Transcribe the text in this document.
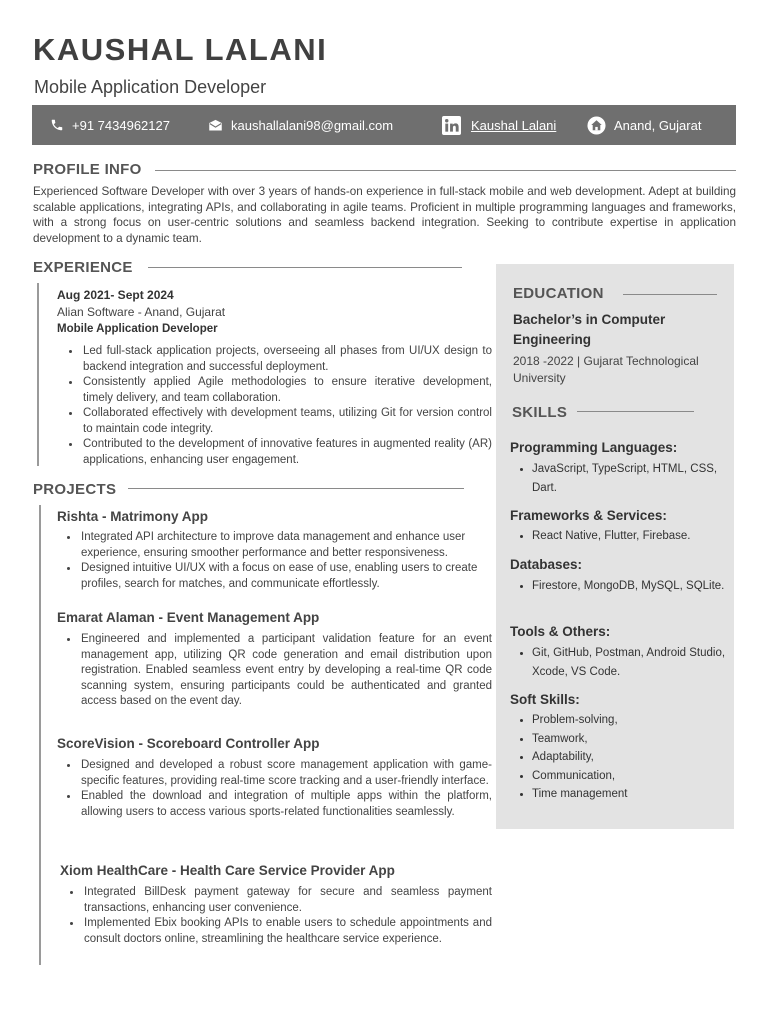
KAUSHAL LALANI
Mobile Application Developer
+91 7434962127	kaushallalani98@gmail.com	Kaushal Lalani	Anand, Gujarat
PROFILE INFO
Experienced Software Developer with over 3 years of hands-on experience in full-stack mobile and web development. Adept at building scalable applications, integrating APIs, and collaborating in agile teams. Proficient in multiple programming languages and frameworks, with a strong focus on user-centric solutions and seamless backend integration. Seeking to contribute expertise in application development to a dynamic team.
EXPERIENCE
Aug 2021- Sept 2024
Alian Software - Anand, Gujarat
Mobile Application Developer
• Led full-stack application projects, overseeing all phases from UI/UX design to backend integration and successful deployment.
• Consistently applied Agile methodologies to ensure iterative development, timely delivery, and team collaboration.
• Collaborated effectively with development teams, utilizing Git for version control to maintain code integrity.
• Contributed to the development of innovative features in augmented reality (AR) applications, enhancing user engagement.
PROJECTS
Rishta - Matrimony App
• Integrated API architecture to improve data management and enhance user experience, ensuring smoother performance and better responsiveness.
• Designed intuitive UI/UX with a focus on ease of use, enabling users to create profiles, search for matches, and communicate effortlessly.
Emarat Alaman - Event Management App
• Engineered and implemented a participant validation feature for an event management app, utilizing QR code generation and email distribution upon registration. Enabled seamless event entry by developing a real-time QR code scanning system, ensuring participants could be authenticated and granted access based on the event day.
ScoreVision - Scoreboard Controller App
• Designed and developed a robust score management application with game-specific features, providing real-time score tracking and a user-friendly interface.
• Enabled the download and integration of multiple apps within the platform, allowing users to access various sports-related functionalities seamlessly.
Xiom HealthCare - Health Care Service Provider App
• Integrated BillDesk payment gateway for secure and seamless payment transactions, enhancing user convenience.
• Implemented Ebix booking APIs to enable users to schedule appointments and consult doctors online, streamlining the healthcare service experience.
EDUCATION
Bachelor’s in Computer Engineering
2018 -2022 | Gujarat Technological University
SKILLS
Programming Languages:
• JavaScript, TypeScript, HTML, CSS, Dart.
Frameworks & Services:
• React Native, Flutter, Firebase.
Databases:
• Firestore, MongoDB, MySQL, SQLite.
Tools & Others:
• Git, GitHub, Postman, Android Studio, Xcode, VS Code.
Soft Skills:
• Problem-solving,
• Teamwork,
• Adaptability,
• Communication,
• Time management
